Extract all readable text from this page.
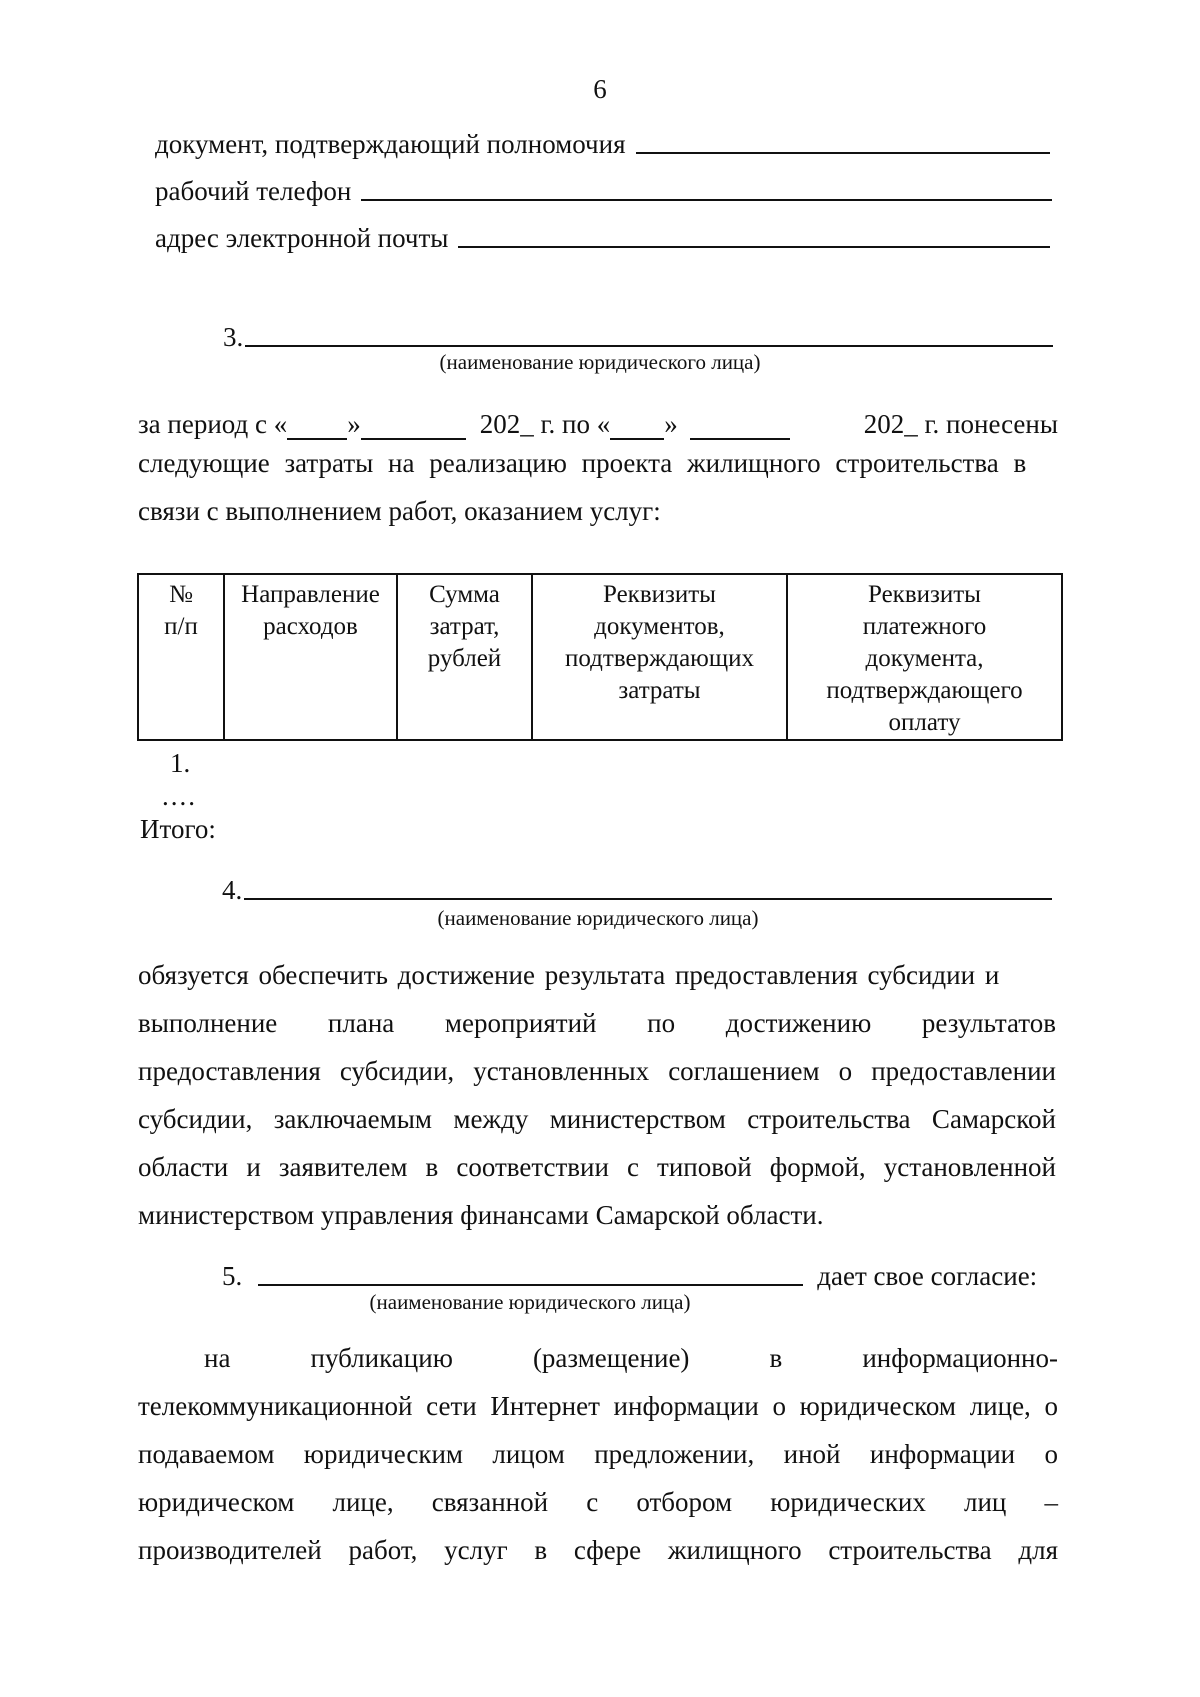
6
документ, подтверждающий полномочия
рабочий телефон
адрес электронной почты
3.
(наименование юридического лица)
за период с « »	202_ г. по « »	202_ г. понесены
следующие затраты на реализацию проекта жилищного строительства в
связи с выполнением работ, оказанием услуг:
№ п/п	Направление расходов	Сумма затрат, рублей	Реквизиты документов, подтверждающих затраты	Реквизиты платежного документа, подтверждающего оплату
1.
....
Итого:
4.
(наименование юридического лица)
обязуется обеспечить достижение результата предоставления субсидии и
выполнение плана мероприятий по достижению результатов
предоставления субсидии, установленных соглашением о предоставлении
субсидии, заключаемым между министерством строительства Самарской
области и заявителем в соответствии с типовой формой, установленной
министерством управления финансами Самарской области.
5.	дает свое согласие:
(наименование юридического лица)
на публикацию (размещение) в информационно-
телекоммуникационной сети Интернет информации о юридическом лице, о
подаваемом юридическим лицом предложении, иной информации о
юридическом лице, связанной с отбором юридических лиц –
производителей работ, услуг в сфере жилищного строительства для
